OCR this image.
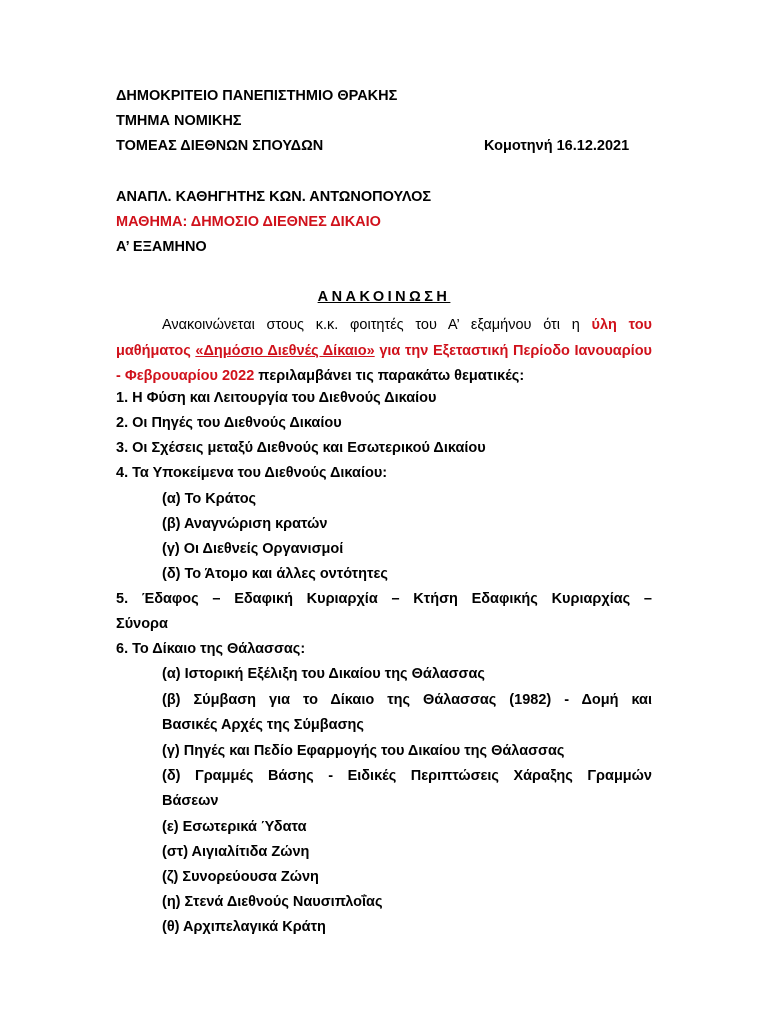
ΔΗΜΟΚΡΙΤΕΙΟ ΠΑΝΕΠΙΣΤΗΜΙΟ ΘΡΑΚΗΣ
ΤΜΗΜΑ ΝΟΜΙΚΗΣ
ΤΟΜΕΑΣ ΔΙΕΘΝΩΝ ΣΠΟΥΔΩΝ	Κομοτηνή 16.12.2021
ΑΝΑΠΛ. ΚΑΘΗΓΗΤΗΣ ΚΩΝ. ΑΝΤΩΝΟΠΟΥΛΟΣ
ΜΑΘΗΜΑ: ΔΗΜΟΣΙΟ ΔΙΕΘΝΕΣ ΔΙΚΑΙΟ
Α’ ΕΞΑΜΗΝΟ
ΑΝΑΚΟΙΝΩΣΗ
Ανακοινώνεται στους κ.κ. φοιτητές του Α’ εξαμήνου ότι η ύλη του μαθήματος «Δημόσιο Διεθνές Δίκαιο» για την Εξεταστική Περίοδο Ιανουαρίου - Φεβρουαρίου 2022 περιλαμβάνει τις παρακάτω θεματικές:
1. Η Φύση και Λειτουργία του Διεθνούς Δικαίου
2. Οι Πηγές του Διεθνούς Δικαίου
3. Οι Σχέσεις μεταξύ Διεθνούς και Εσωτερικού Δικαίου
4. Τα Υποκείμενα του Διεθνούς Δικαίου:
(α) Το Κράτος
(β) Αναγνώριση κρατών
(γ) Οι Διεθνείς Οργανισμοί
(δ) Το Άτομο και άλλες οντότητες
5. Έδαφος – Εδαφική Κυριαρχία – Κτήση Εδαφικής Κυριαρχίας –
Σύνορα
6. Το Δίκαιο της Θάλασσας:
(α) Ιστορική Εξέλιξη του Δικαίου της Θάλασσας
(β) Σύμβαση για το Δίκαιο της Θάλασσας (1982) - Δομή και
Βασικές Αρχές της Σύμβασης
(γ) Πηγές και Πεδίο Εφαρμογής του Δικαίου της Θάλασσας
(δ) Γραμμές Βάσης - Ειδικές Περιπτώσεις Χάραξης Γραμμών
Βάσεων
(ε) Εσωτερικά Ύδατα
(στ) Αιγιαλίτιδα Ζώνη
(ζ) Συνορεύουσα Ζώνη
(η) Στενά Διεθνούς Ναυσιπλοΐας
(θ) Αρχιπελαγικά Κράτη
